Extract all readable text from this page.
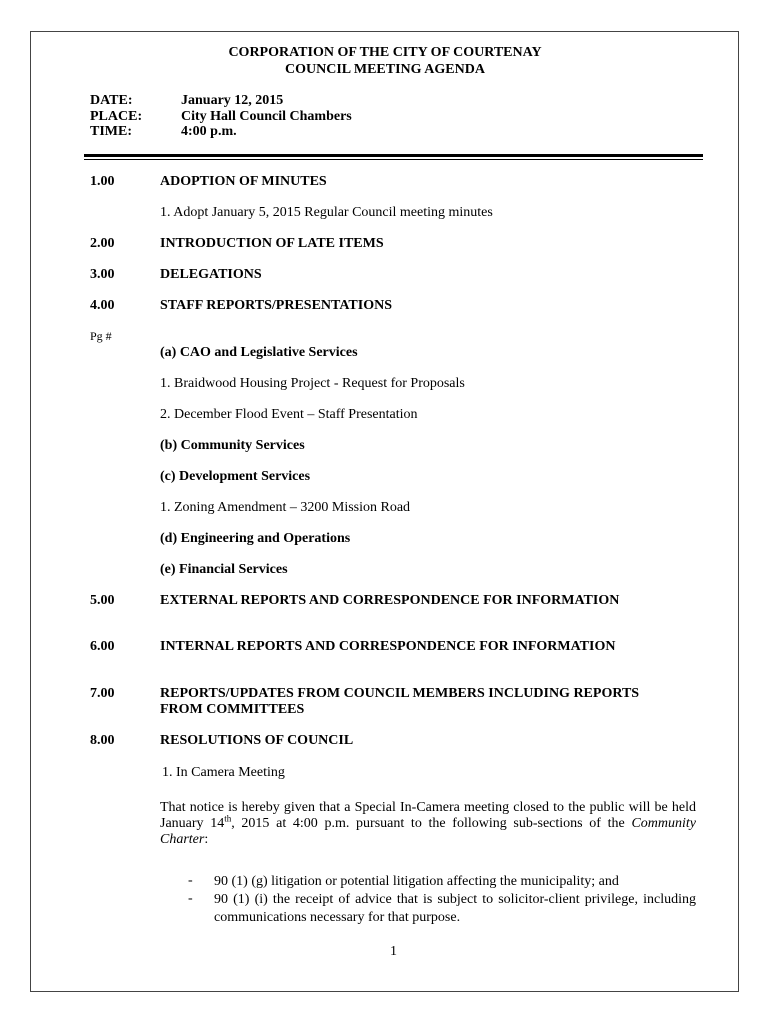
CORPORATION OF THE CITY OF COURTENAY
COUNCIL MEETING AGENDA
DATE:	January 12, 2015
PLACE:	City Hall Council Chambers
TIME:	4:00 p.m.
1.00	ADOPTION OF MINUTES
1. Adopt January 5, 2015 Regular Council meeting minutes
2.00	INTRODUCTION OF LATE ITEMS
3.00	DELEGATIONS
4.00	STAFF REPORTS/PRESENTATIONS
Pg #
(a) CAO and Legislative Services
1. Braidwood Housing Project - Request for Proposals
2. December Flood Event – Staff Presentation
(b) Community Services
(c) Development Services
1. Zoning Amendment – 3200 Mission Road
(d) Engineering and Operations
(e) Financial Services
5.00	EXTERNAL REPORTS AND CORRESPONDENCE FOR INFORMATION
6.00	INTERNAL REPORTS AND CORRESPONDENCE FOR INFORMATION
7.00	REPORTS/UPDATES FROM COUNCIL MEMBERS INCLUDING REPORTS
FROM COMMITTEES
8.00	RESOLUTIONS OF COUNCIL
1. In Camera Meeting
That notice is hereby given that a Special In-Camera meeting closed to the public will be held January 14th, 2015 at 4:00 p.m. pursuant to the following sub-sections of the Community Charter:
- 90 (1) (g) litigation or potential litigation affecting the municipality; and
- 90 (1) (i) the receipt of advice that is subject to solicitor-client privilege, including communications necessary for that purpose.
1
